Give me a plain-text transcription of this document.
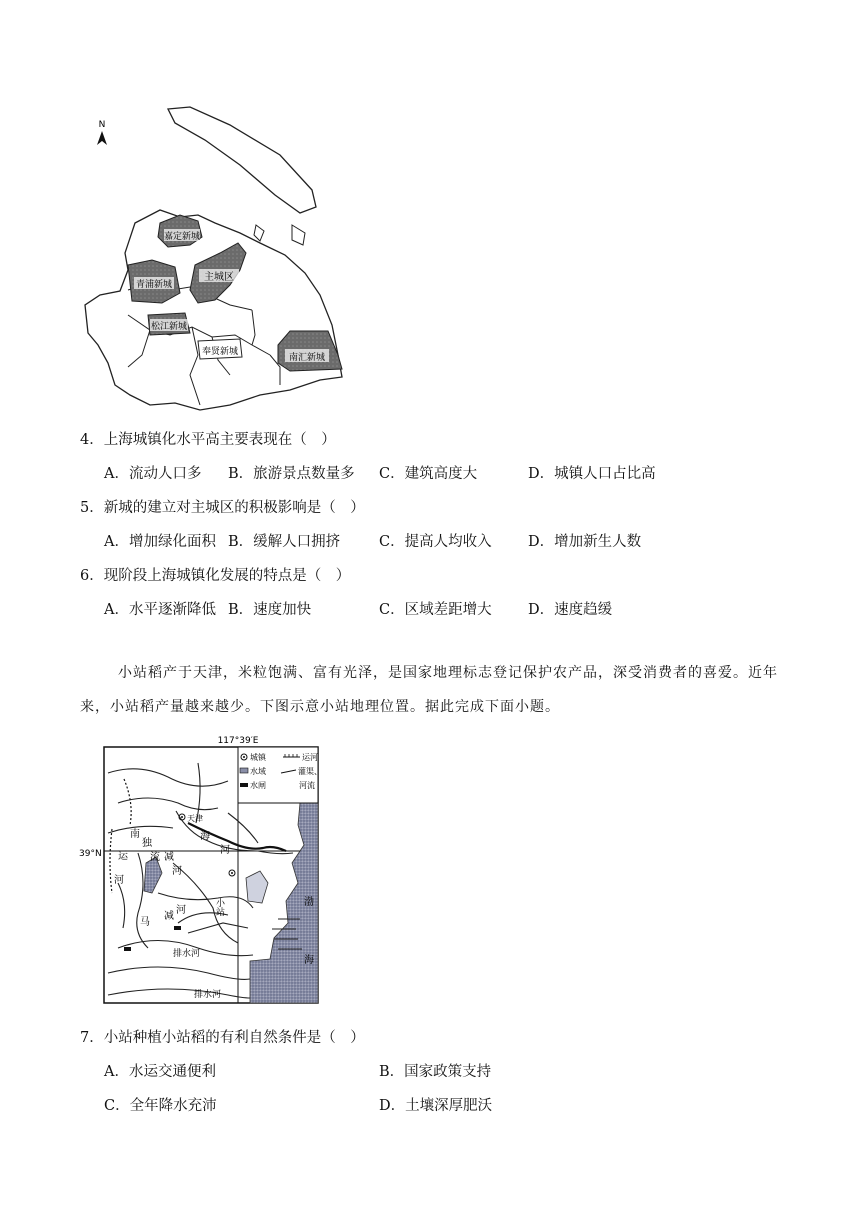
N
嘉定新城
主城区
青浦新城
松江新城
奉贤新城
南汇新城
4．上海城镇化水平高主要表现在（　）
A．流动人口多 B．旅游景点数量多 C．建筑高度大	D．城镇人口占比高
5．新城的建立对主城区的积极影响是（　）
A．增加绿化面积 B．缓解人口拥挤	C．提高人均收入	D．增加新生人数
6．现阶段上海城镇化发展的特点是（　）
A．水平逐渐降低 B．速度加快	C．区域差距增大	D．速度趋缓
小站稻产于天津，米粒饱满、富有光泽，是国家地理标志登记保护农产品，深受消费者的喜爱。近年
来，小站稻产量越来越少。下图示意小站地理位置。据此完成下面小题。
117°39′E
39°N
城镇	运河
水域	灌渠、
水闸	河流
天津
小站
海
河
南
运
河
独
流 减
河
马
减
河
排水河
排水河
渤
海
7．小站种植小站稻的有利自然条件是（　）
A．水运交通便利	B．国家政策支持
C．全年降水充沛	D．土壤深厚肥沃
